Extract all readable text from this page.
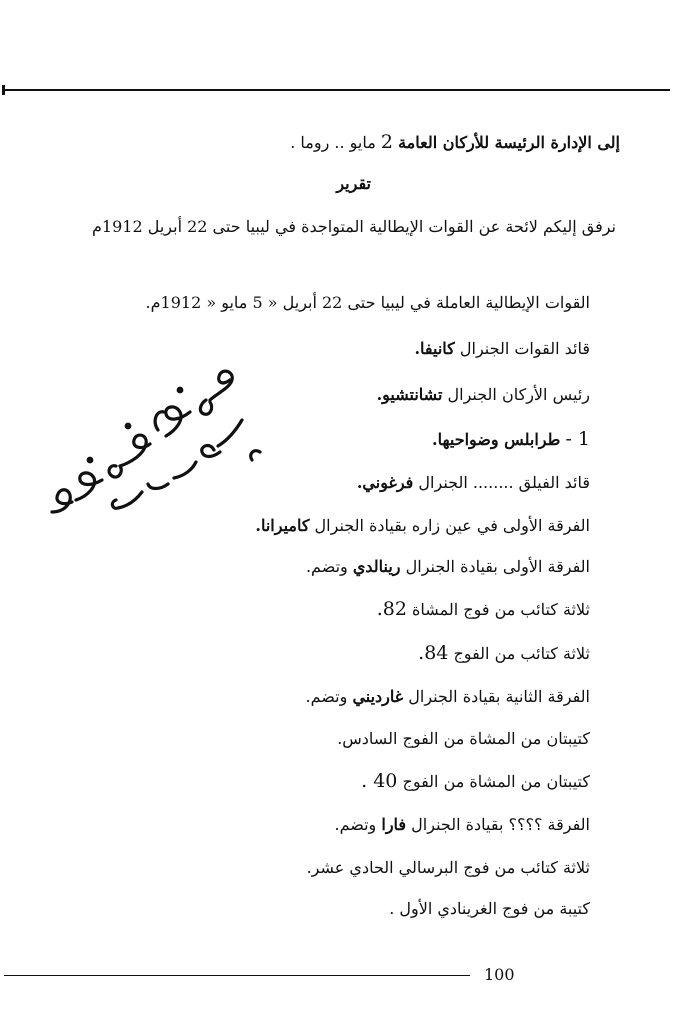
إلى الإدارة الرئيسة للأركان العامة 2 مايو .. روما .
تقرير
نرفق إليكم لائحة عن القوات الإيطالية المتواجدة في ليبيا حتى 22 أبريل 1912م
القوات الإيطالية العاملة في ليبيا حتى 22 أبريل « 5 مايو « 1912م.
قائد القوات الجنرال كانيفا.
رئيس الأركان الجنرال تشانتشيو.
1 - طرابلس وضواحيها.
قائد الفيلق ........ الجنرال فرغوني.
الفرقة الأولى في عين زاره بقيادة الجنرال كاميرانا.
الفرقة الأولى بقيادة الجنرال رينالدي وتضم.
ثلاثة كتائب من فوج المشاة 82.
ثلاثة كتائب من الفوج 84.
الفرقة الثانية بقيادة الجنرال غارديني وتضم.
كتيبتان من المشاة من الفوج السادس.
كتيبتان من المشاة من الفوج 40 .
الفرقة ؟؟؟؟ بقيادة الجنرال فارا وتضم.
ثلاثة كتائب من فوج البرسالي الحادي عشر.
كتيبة من فوج الغرينادي الأول .
100
